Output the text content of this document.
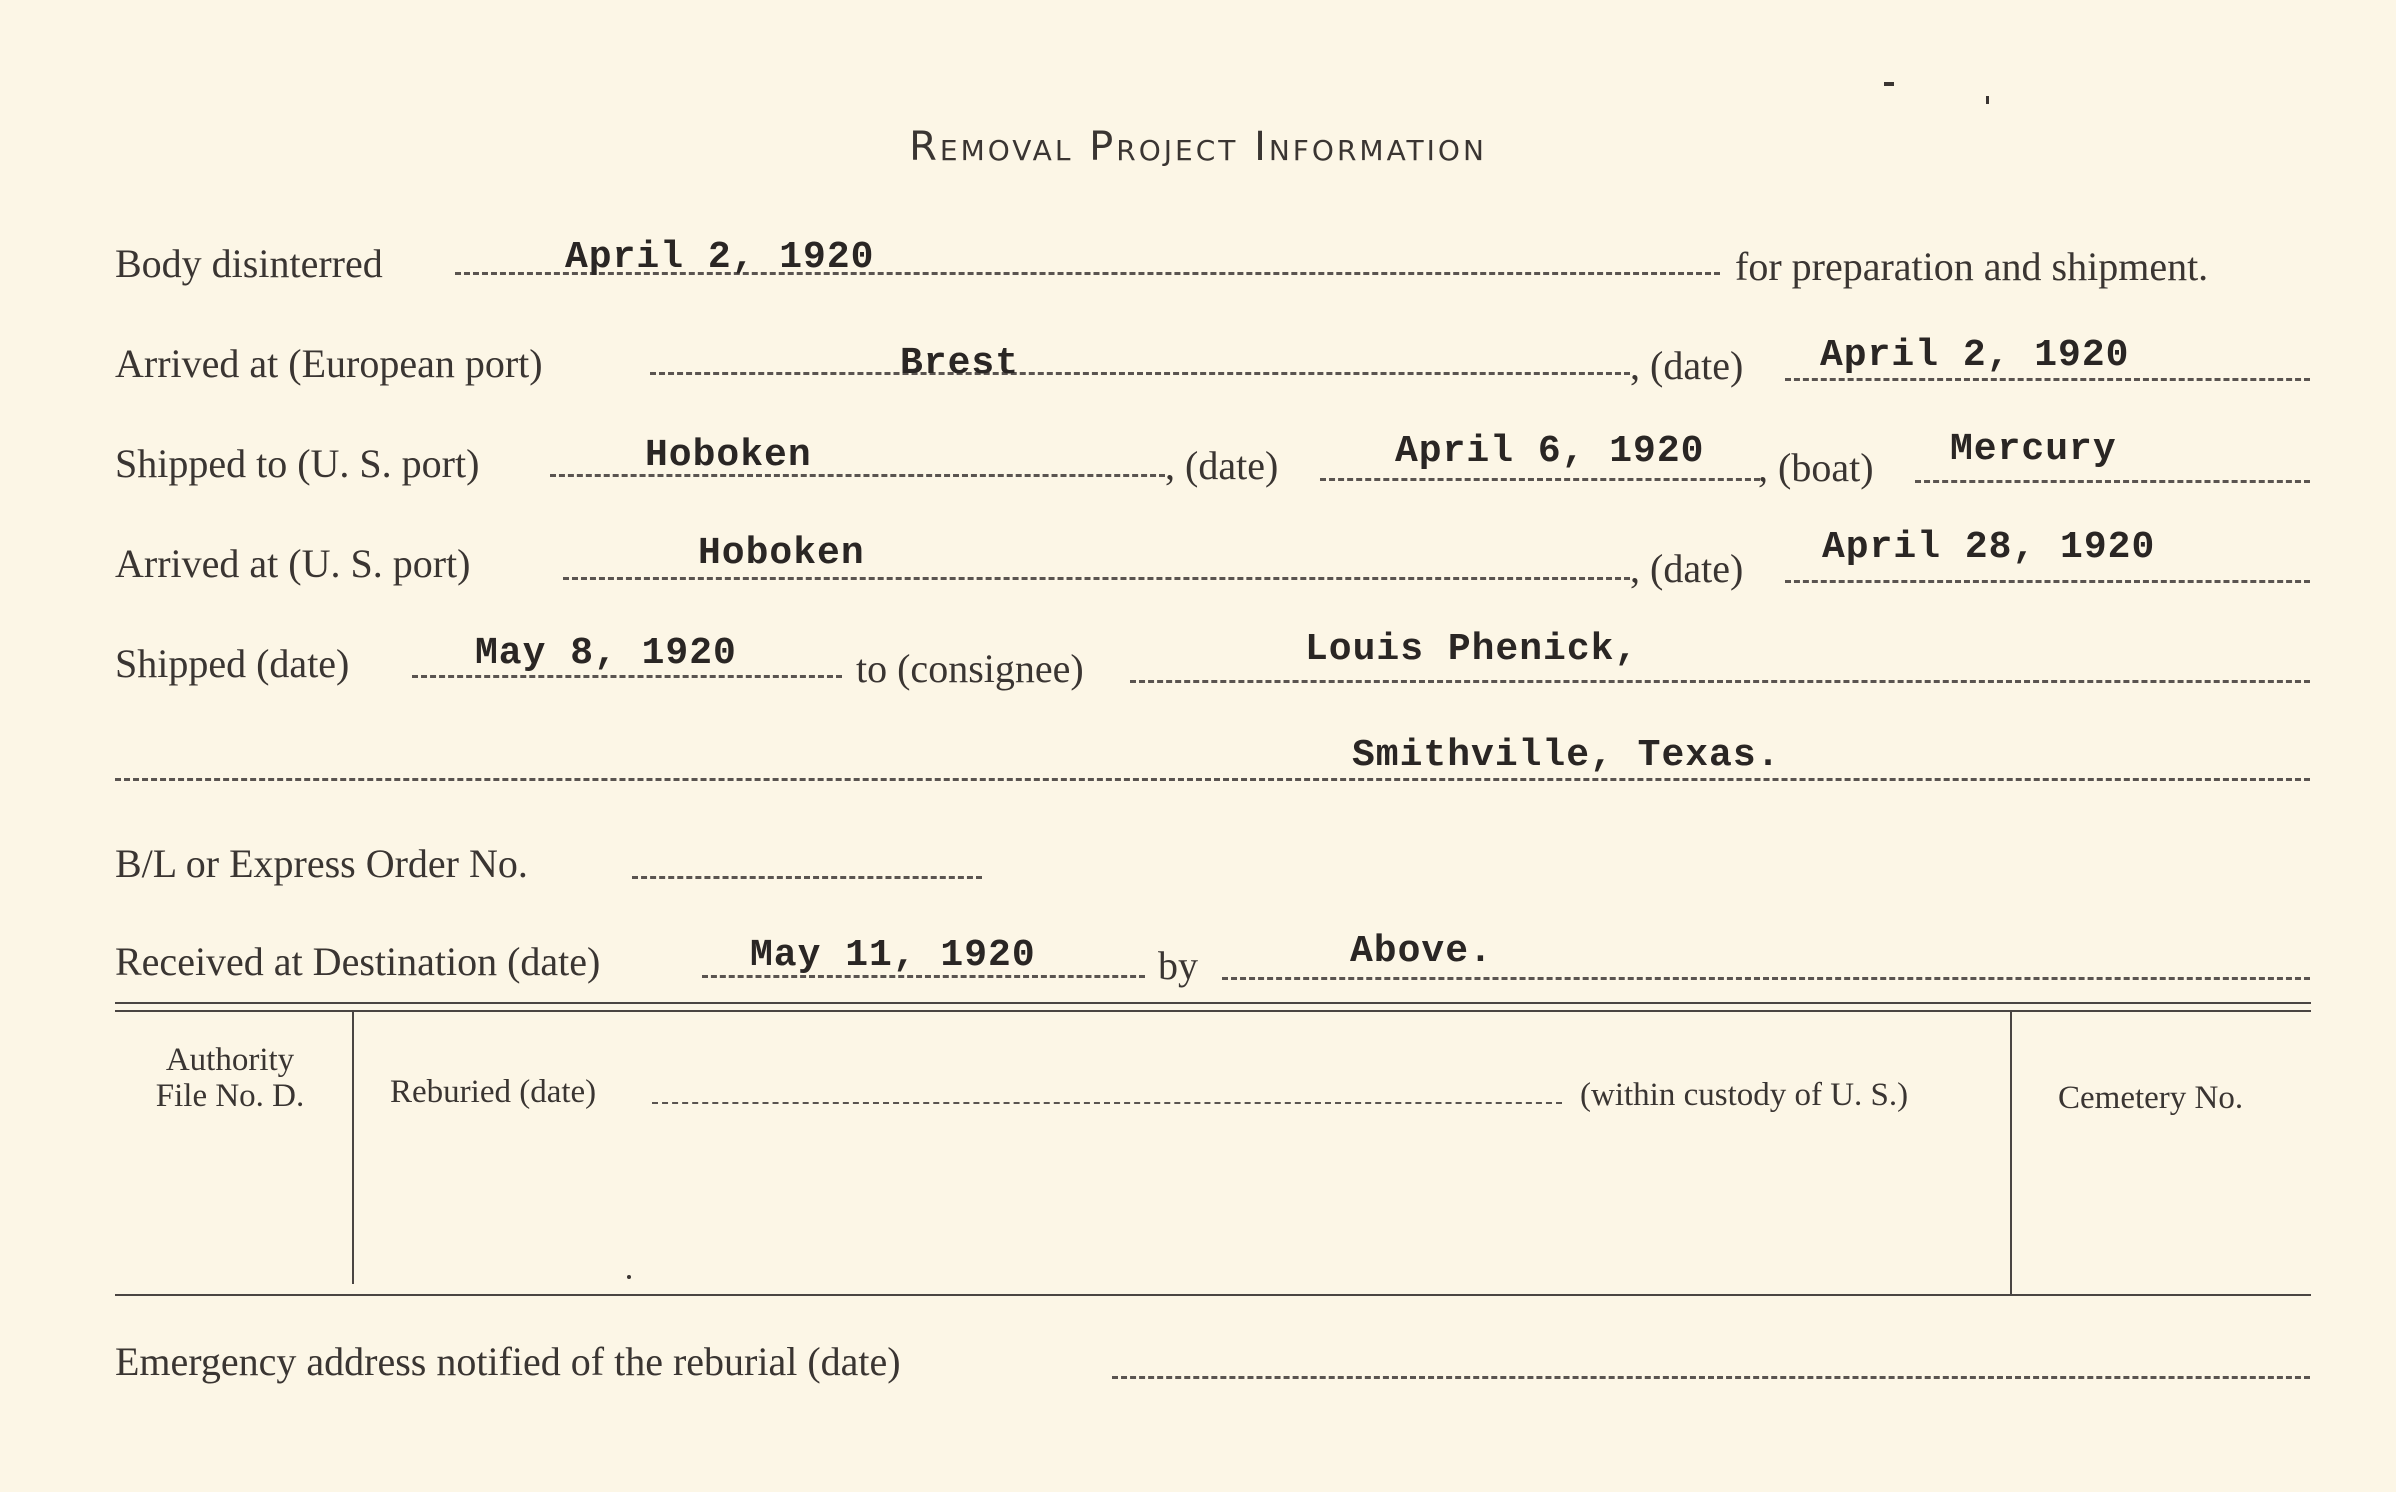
Removal Project Information
Body disinterred	April 2, 1920	for preparation and shipment.
Arrived at (European port)	Brest	, (date) April 2, 1920
Shipped to (U. S. port)	Hoboken	, (date)	April 6, 1920 , (boat) Mercury
Arrived at (U. S. port)	Hoboken	, (date) April 28, 1920
Shipped (date)	May 8, 1920	to (consignee)	Louis Phenick,
Smithville, Texas.
B/L or Express Order No.
Received at Destination (date)	May 11, 1920	by	Above.
Authority
File No. D.	Reburied (date)	(within custody of U. S.)	Cemetery No.
Emergency address notified of the reburial (date)
